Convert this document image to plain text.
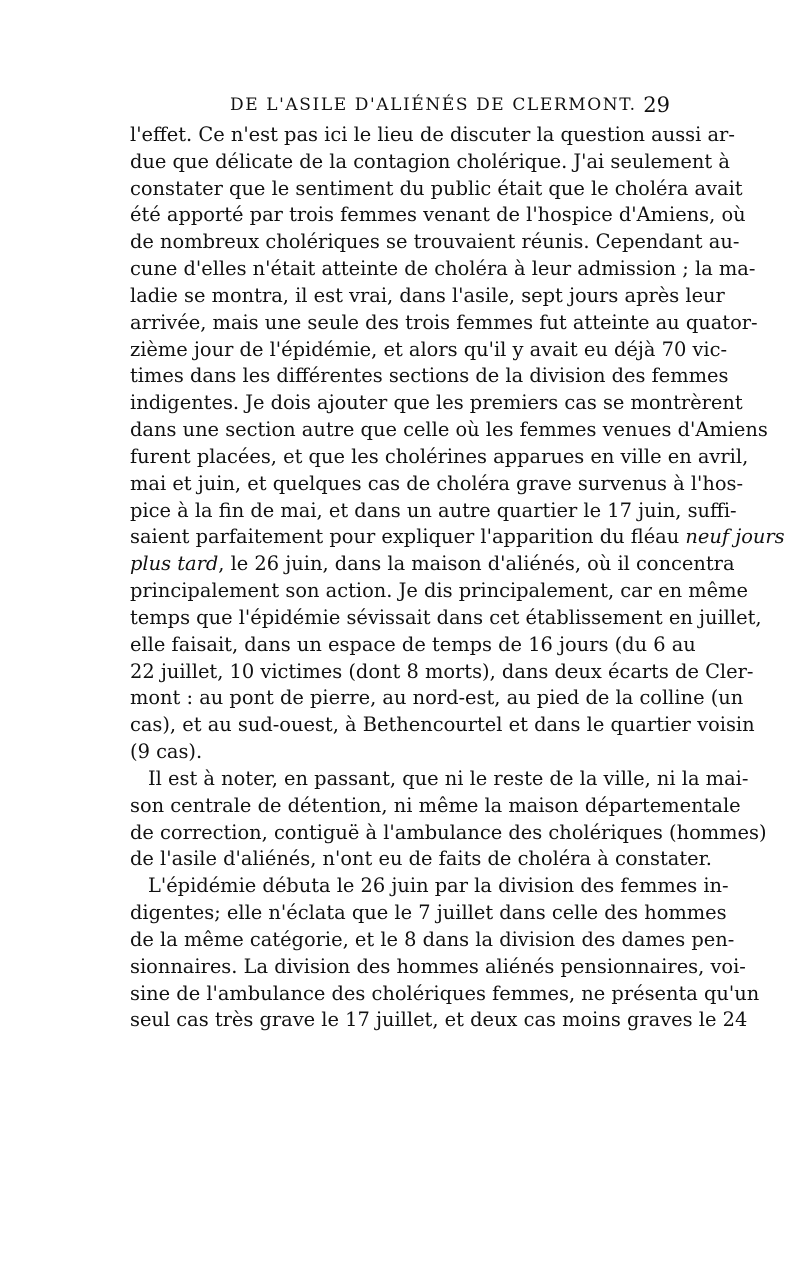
DE L'ASILE D'ALIÉNÉS DE CLERMONT. 29
l'effet. Ce n'est pas ici le lieu de discuter la question aussi ar-
due que délicate de la contagion cholérique. J'ai seulement à
constater que le sentiment du public était que le choléra avait
été apporté par trois femmes venant de l'hospice d'Amiens, où
de nombreux cholériques se trouvaient réunis. Cependant au-
cune d'elles n'était atteinte de choléra à leur admission ; la ma-
ladie se montra, il est vrai, dans l'asile, sept jours après leur
arrivée, mais une seule des trois femmes fut atteinte au quator-
zième jour de l'épidémie, et alors qu'il y avait eu déjà 70 vic-
times dans les différentes sections de la division des femmes
indigentes. Je dois ajouter que les premiers cas se montrèrent
dans une section autre que celle où les femmes venues d'Amiens
furent placées, et que les cholérines apparues en ville en avril,
mai et juin, et quelques cas de choléra grave survenus à l'hos-
pice à la fin de mai, et dans un autre quartier le 17 juin, suffi-
saient parfaitement pour expliquer l'apparition du fléau neuf jours
plus tard, le 26 juin, dans la maison d'aliénés, où il concentra
principalement son action. Je dis principalement, car en même
temps que l'épidémie sévissait dans cet établissement en juillet,
elle faisait, dans un espace de temps de 16 jours (du 6 au
22 juillet, 10 victimes (dont 8 morts), dans deux écarts de Cler-
mont : au pont de pierre, au nord-est, au pied de la colline (un
cas), et au sud-ouest, à Bethencourtel et dans le quartier voisin
(9 cas).
Il est à noter, en passant, que ni le reste de la ville, ni la mai-
son centrale de détention, ni même la maison départementale
de correction, contiguë à l'ambulance des cholériques (hommes)
de l'asile d'aliénés, n'ont eu de faits de choléra à constater.
L'épidémie débuta le 26 juin par la division des femmes in-
digentes; elle n'éclata que le 7 juillet dans celle des hommes
de la même catégorie, et le 8 dans la division des dames pen-
sionnaires. La division des hommes aliénés pensionnaires, voi-
sine de l'ambulance des cholériques femmes, ne présenta qu'un
seul cas très grave le 17 juillet, et deux cas moins graves le 24
